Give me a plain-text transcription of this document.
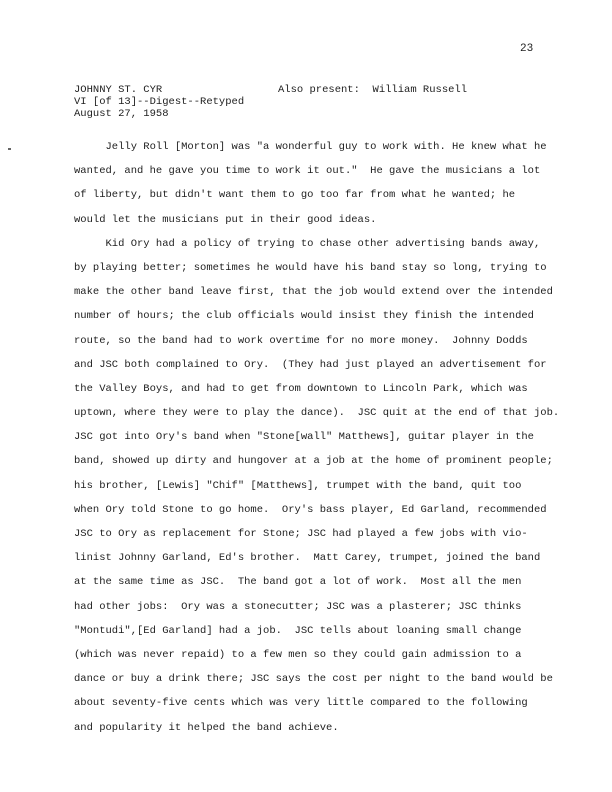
23
JOHNNY ST. CYR
VI [of 13]--Digest--Retyped
August 27, 1958
Also present:  William Russell
Jelly Roll [Morton] was "a wonderful guy to work with. He knew what he
wanted, and he gave you time to work it out."  He gave the musicians a lot
of liberty, but didn't want them to go too far from what he wanted; he
would let the musicians put in their good ideas.
Kid Ory had a policy of trying to chase other advertising bands away,
by playing better; sometimes he would have his band stay so long, trying to
make the other band leave first, that the job would extend over the intended
number of hours; the club officials would insist they finish the intended
route, so the band had to work overtime for no more money.  Johnny Dodds
and JSC both complained to Ory.  (They had just played an advertisement for
the Valley Boys, and had to get from downtown to Lincoln Park, which was
uptown, where they were to play the dance).  JSC quit at the end of that job.
JSC got into Ory's band when "Stone[wall" Matthews], guitar player in the
band, showed up dirty and hungover at a job at the home of prominent people;
his brother, [Lewis] "Chif" [Matthews], trumpet with the band, quit too
when Ory told Stone to go home.  Ory's bass player, Ed Garland, recommended
JSC to Ory as replacement for Stone; JSC had played a few jobs with vio-
linist Johnny Garland, Ed's brother.  Matt Carey, trumpet, joined the band
at the same time as JSC.  The band got a lot of work.  Most all the men
had other jobs:  Ory was a stonecutter; JSC was a plasterer; JSC thinks
"Montudi",[Ed Garland] had a job.  JSC tells about loaning small change
(which was never repaid) to a few men so they could gain admission to a
dance or buy a drink there; JSC says the cost per night to the band would be
about seventy-five cents which was very little compared to the following
and popularity it helped the band achieve.
